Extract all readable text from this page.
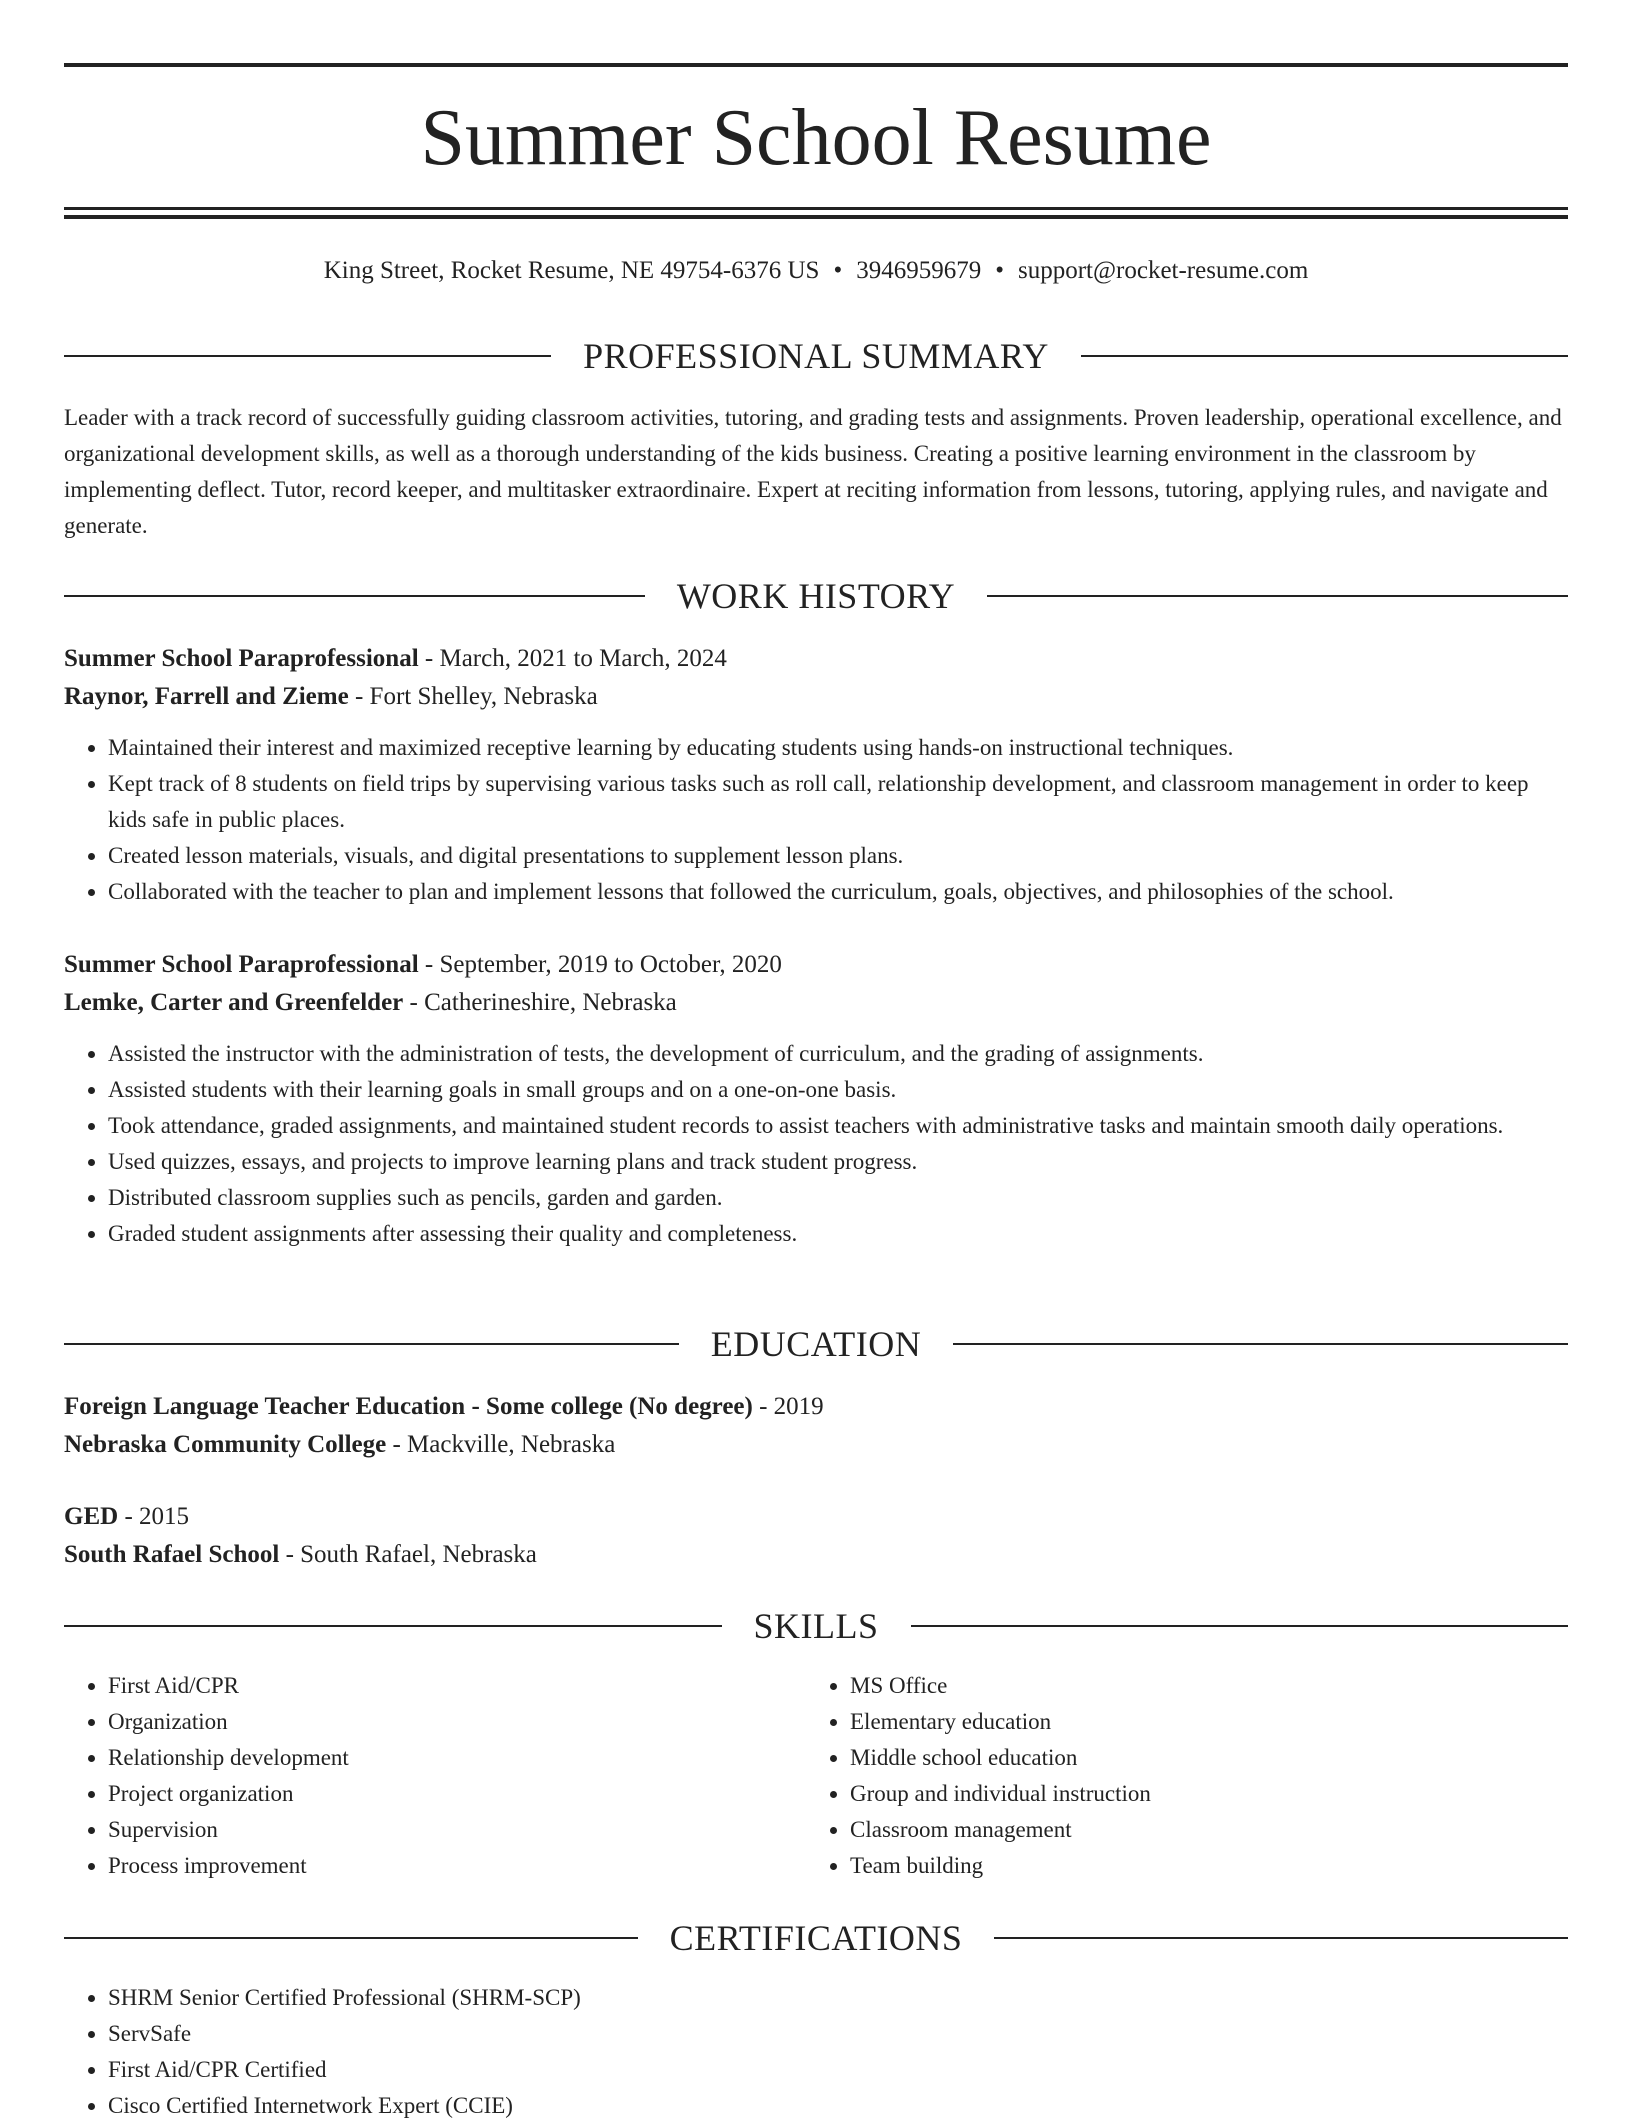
Summer School Resume
King Street, Rocket Resume, NE 49754-6376 US • 3946959679 • support@rocket-resume.com
PROFESSIONAL SUMMARY
Leader with a track record of successfully guiding classroom activities, tutoring, and grading tests and assignments. Proven leadership, operational excellence, and organizational development skills, as well as a thorough understanding of the kids business. Creating a positive learning environment in the classroom by implementing deflect. Tutor, record keeper, and multitasker extraordinaire. Expert at reciting information from lessons, tutoring, applying rules, and navigate and generate.
WORK HISTORY
Summer School Paraprofessional - March, 2021 to March, 2024
Raynor, Farrell and Zieme - Fort Shelley, Nebraska
• Maintained their interest and maximized receptive learning by educating students using hands-on instructional techniques.
• Kept track of 8 students on field trips by supervising various tasks such as roll call, relationship development, and classroom management in order to keep kids safe in public places.
• Created lesson materials, visuals, and digital presentations to supplement lesson plans.
• Collaborated with the teacher to plan and implement lessons that followed the curriculum, goals, objectives, and philosophies of the school.
Summer School Paraprofessional - September, 2019 to October, 2020
Lemke, Carter and Greenfelder - Catherineshire, Nebraska
• Assisted the instructor with the administration of tests, the development of curriculum, and the grading of assignments.
• Assisted students with their learning goals in small groups and on a one-on-one basis.
• Took attendance, graded assignments, and maintained student records to assist teachers with administrative tasks and maintain smooth daily operations.
• Used quizzes, essays, and projects to improve learning plans and track student progress.
• Distributed classroom supplies such as pencils, garden and garden.
• Graded student assignments after assessing their quality and completeness.
EDUCATION
Foreign Language Teacher Education - Some college (No degree) - 2019
Nebraska Community College - Mackville, Nebraska
GED - 2015
South Rafael School - South Rafael, Nebraska
SKILLS
• First Aid/CPR
• Organization
• Relationship development
• Project organization
• Supervision
• Process improvement
• MS Office
• Elementary education
• Middle school education
• Group and individual instruction
• Classroom management
• Team building
CERTIFICATIONS
• SHRM Senior Certified Professional (SHRM-SCP)
• ServSafe
• First Aid/CPR Certified
• Cisco Certified Internetwork Expert (CCIE)
